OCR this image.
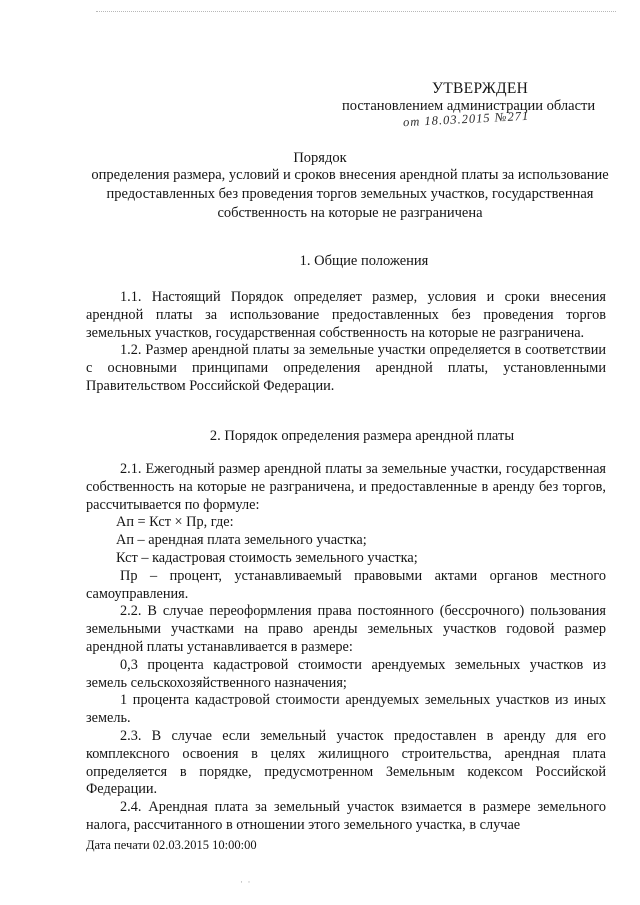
УТВЕРЖДЕН
постановлением администрации области
от 18.03.2015 №271
Порядок
определения размера, условий и сроков внесения арендной платы за использование предоставленных без проведения торгов земельных участков, государственная собственность на которые не разграничена
1. Общие положения

1.1. Настоящий Порядок определяет размер, условия и сроки внесения арендной платы за использование предоставленных без проведения торгов земельных участков, государственная собственность на которые не разграничена.

1.2. Размер арендной платы за земельные участки определяется в соответствии с основными принципами определения арендной платы, установленными Правительством Российской Федерации.

2. Порядок определения размера арендной платы

2.1. Ежегодный размер арендной платы за земельные участки, государственная собственность на которые не разграничена, и предоставленные в аренду без торгов, рассчитывается по формуле:

Ап = Кст × Пр, где:

Ап – арендная плата земельного участка;

Кст – кадастровая стоимость земельного участка;

Пр – процент, устанавливаемый правовыми актами органов местного самоуправления.

2.2. В случае переоформления права постоянного (бессрочного) пользования земельными участками на право аренды земельных участков годовой размер арендной платы устанавливается в размере:

0,3 процента кадастровой стоимости арендуемых земельных участков из земель сельскохозяйственного назначения;

1 процента кадастровой стоимости арендуемых земельных участков из иных земель.

2.3. В случае если земельный участок предоставлен в аренду для его комплексного освоения в целях жилищного строительства, арендная плата определяется в порядке, предусмотренном Земельным кодексом Российской Федерации.

2.4. Арендная плата за земельный участок взимается в размере земельного налога, рассчитанного в отношении этого земельного участка, в случае

Дата печати 02.03.2015 10:00:00
·  ·
